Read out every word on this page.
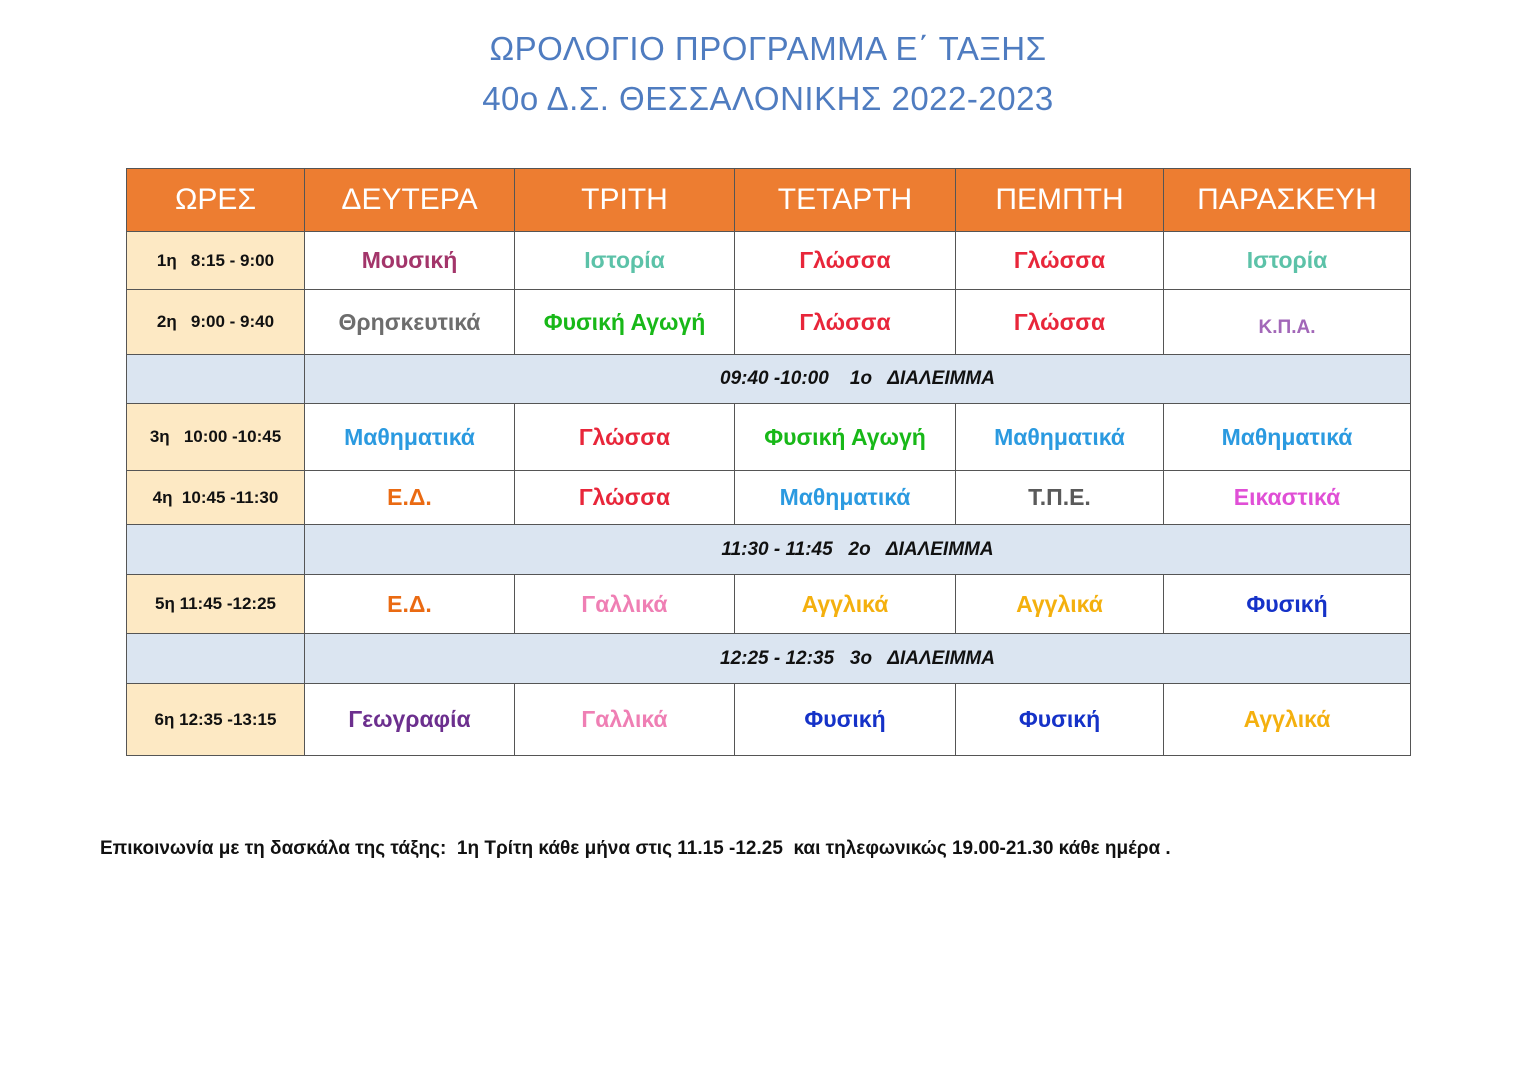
ΩΡΟΛΟΓΙΟ ΠΡΟΓΡΑΜΜΑ Ε΄ ΤΑΞΗΣ
40ο Δ.Σ. ΘΕΣΣΑΛΟΝΙΚΗΣ 2022-2023
ΩΡΕΣ	ΔΕΥΤΕΡΑ	ΤΡΙΤΗ	ΤΕΤΑΡΤΗ	ΠΕΜΠΤΗ	ΠΑΡΑΣΚΕΥΗ
1η   8:15 - 9:00	Μουσική	Ιστορία	Γλώσσα	Γλώσσα	Ιστορία
2η   9:00 - 9:40	Θρησκευτικά	Φυσική Αγωγή	Γλώσσα	Γλώσσα	Κ.Π.Α.
	09:40 -10:00    1ο   ΔΙΑΛΕΙΜΜΑ				
3η   10:00 -10:45	Μαθηματικά	Γλώσσα	Φυσική Αγωγή	Μαθηματικά	Μαθηματικά
4η  10:45 -11:30	Ε.Δ.	Γλώσσα	Μαθηματικά	Τ.Π.Ε.	Εικαστικά
	11:30 - 11:45   2ο   ΔΙΑΛΕΙΜΜΑ				
5η 11:45 -12:25	Ε.Δ.	Γαλλικά	Αγγλικά	Αγγλικά	Φυσική
	12:25 - 12:35   3ο   ΔΙΑΛΕΙΜΜΑ				
6η 12:35 -13:15	Γεωγραφία	Γαλλικά	Φυσική	Φυσική	Αγγλικά
Επικοινωνία με τη δασκάλα της τάξης:  1η Τρίτη κάθε μήνα στις 11.15 -12.25  και τηλεφωνικώς 19.00-21.30 κάθε ημέρα .
